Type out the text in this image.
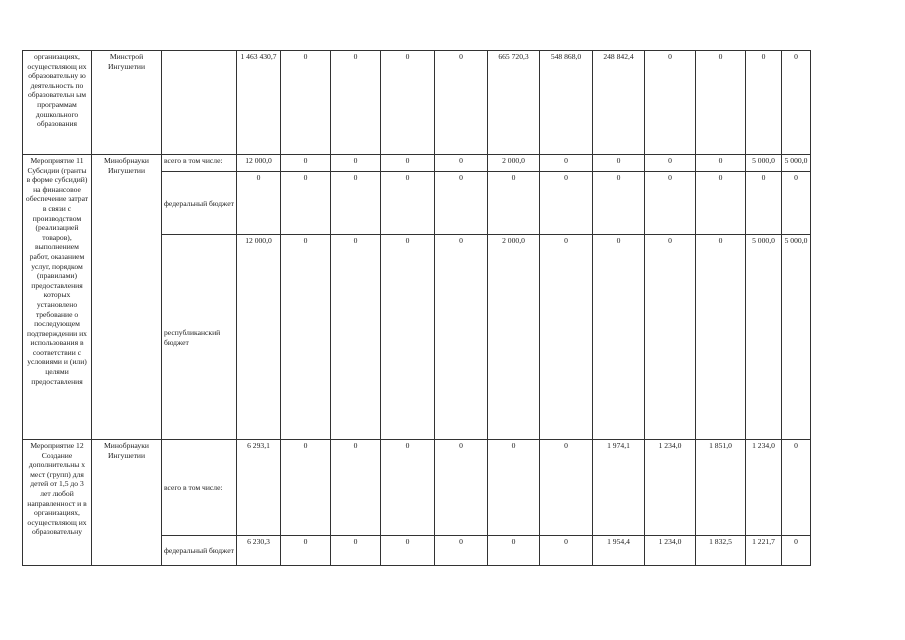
организациях, осуществляющ их образовательну ю деятельность по образовательн ым программам дошкольного образования	Минстрой Ингушетии		1 463 430,7	0	0	0	0	665 720,3	548 868,0	248 842,4	0	0	0	0
Мероприятие 11 Субсидии (гранты в форме субсидий) на финансовое обеспечение затрат в связи с производством (реализацией товаров), выполнением работ, оказанием услуг, порядком (правилами) предоставления которых установлено требование о последующем подтверждении их использования в соответствии с условиями и (или) целями предоставления	Минобрнауки Ингушетии	всего в том числе:	12 000,0	0	0	0	0	2 000,0	0	0	0	0	5 000,0	5 000,0
		федеральный бюджет	0	0	0	0	0	0	0	0	0	0	0	0
		республиканский бюджет	12 000,0	0	0	0	0	2 000,0	0	0	0	0	5 000,0	5 000,0
Мероприятие 12 Создание дополнительны х мест (групп) для детей от 1,5 до 3 лет любой направленност и в организациях, осуществляющ их образовательну	Минобрнауки Ингушетии	всего в том числе:	6 293,1	0	0	0	0	0	0	1 974,1	1 234,0	1 851,0	1 234,0	0
		федеральный бюджет	6 230,3	0	0	0	0	0	0	1 954,4	1 234,0	1 832,5	1 221,7	0
